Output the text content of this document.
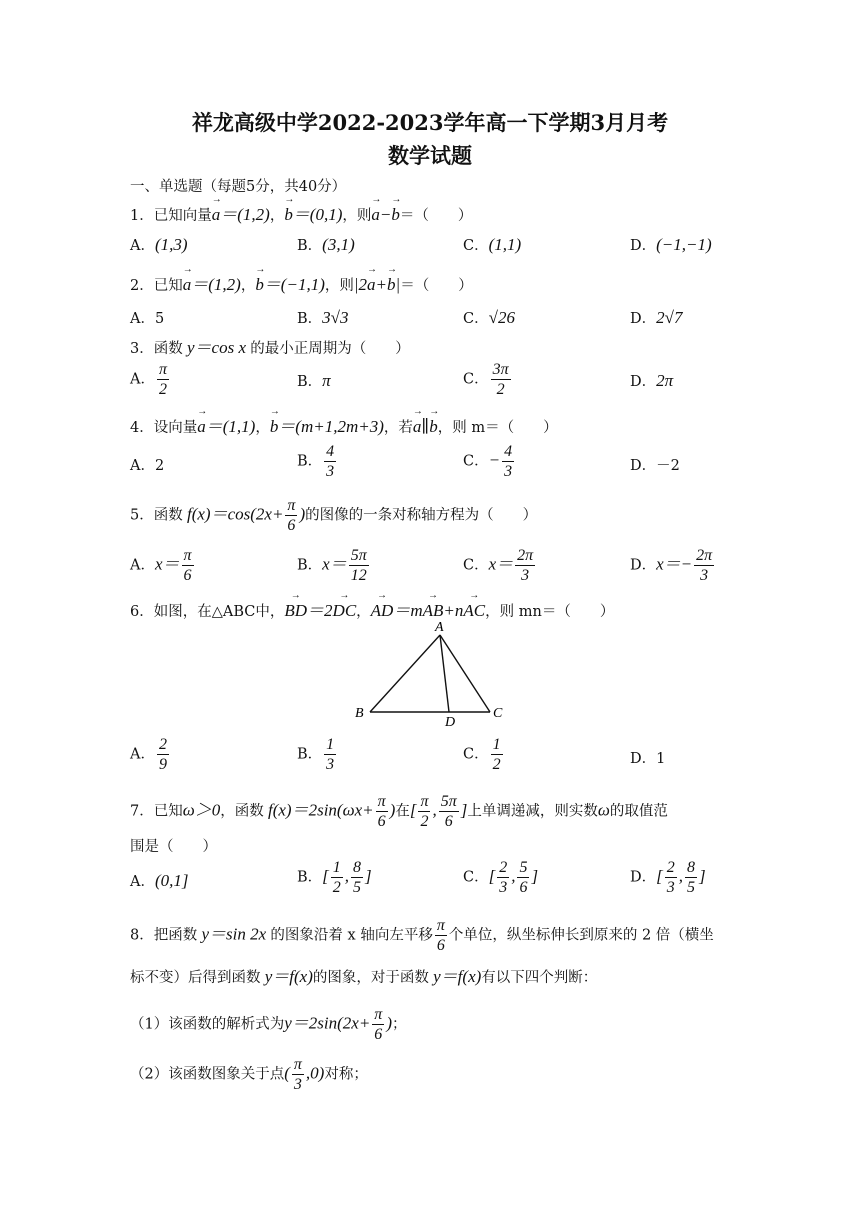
祥龙高级中学2022-2023学年高一下学期3月月考
数学试题
一、单选题（每题5分，共40分）
1．已知向量→ a＝(1,2)，→ b＝(0,1)，则→ a−→ b＝（　　）
A．(1,3)	B．(3,1)	C．(1,1)	D．(−1,−1)
2．已知→ a＝(1,2)，→ b＝(−1,1)，则|2→ a+→ b|＝（　　）
A．5	B．3√3	C．√26	D．2√7
3．函数 y＝cos x 的最小正周期为（　　）
A． $\frac{\pi}{2}$	B．π	C． $\frac{3\pi}{2}$	D．2π
4．设向量→ a＝(1,1)，→ b＝(m+1,2m+3)，若→ a∥→ b，则 m＝（　　）
A．2	B． $\frac{4}{3}$	C．− $\frac{4}{3}$	D．－2
5．函数 $f(x)=\cos(2x+ \frac{\pi}{6}$ )的图像的一条对称轴方程为（　　）
A．$x= \frac{\pi}{6}$	B．$x= \frac{5\pi}{12}$	C．$x= \frac{2\pi}{3}$	D．$x=- \frac{2\pi}{3}$
6．如图，在△ABC中，→ BD＝2→ DC，→ AD＝m→ AB+n→ AC，则 mn＝（　　）
A
B	C
D
A． $\frac{2}{9}$	B． $\frac{1}{3}$	C． $\frac{1}{2}$	D．1
7．已知ω＞0，函数 $f(x)=2\sin(\omega x+ \frac{\pi}{6}$ )在[ $\frac{\pi}{2}$ , $\frac{5\pi}{6}$ ]上单调递减，则实数ω的取值范
围是（　　）
A．(0,1]	B．[ $\frac{1}{2}$ , $\frac{8}{5}$ ]	C．[ $\frac{2}{3}$ , $\frac{5}{6}$ ]	D．[ $\frac{2}{3}$ , $\frac{8}{5}$ ]
8．把函数 y＝sin 2x 的图象沿着 x 轴向左平移 $\frac{\pi}{6}$ 个单位，纵坐标伸长到原来的 2 倍（横坐
标不变）后得到函数 y＝f(x)的图象，对于函数 y＝f(x)有以下四个判断：
（1）该函数的解析式为$y=2\sin(2x+ \frac{\pi}{6}$ )；
（2）该函数图象关于点( $\frac{\pi}{3} ,0$)对称；
